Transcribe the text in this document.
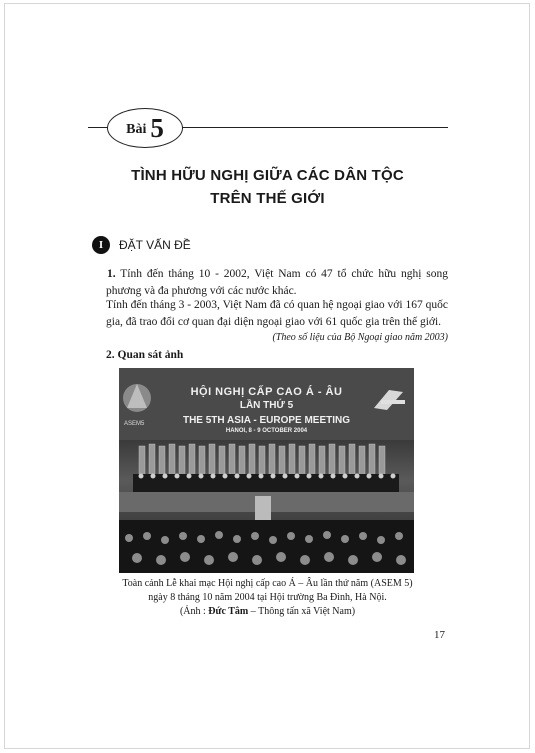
Bài 5
TÌNH HỮU NGHỊ GIỮA CÁC DÂN TỘC
TRÊN THẾ GIỚI
I	ĐẶT VẤN ĐỀ
1. Tính đến tháng 10 - 2002, Việt Nam có 47 tổ chức hữu nghị song phương và đa phương với các nước khác.
Tính đến tháng 3 - 2003, Việt Nam đã có quan hệ ngoại giao với 167 quốc gia, đã trao đổi cơ quan đại diện ngoại giao với 61 quốc gia trên thế giới.
(Theo số liệu của Bộ Ngoại giao năm 2003)
2. Quan sát ảnh
ASEM5
HỘI NGHỊ CẤP CAO Á - ÂU
LẦN THỨ 5
THE 5TH ASIA - EUROPE MEETING
HANOI, 8 - 9 OCTOBER 2004
Toàn cảnh Lễ khai mạc Hội nghị cấp cao Á – Âu lần thứ năm (ASEM 5)
ngày 8 tháng 10 năm 2004 tại Hội trường Ba Đình, Hà Nội.
(Ảnh : Đức Tâm – Thông tấn xã Việt Nam)
17
